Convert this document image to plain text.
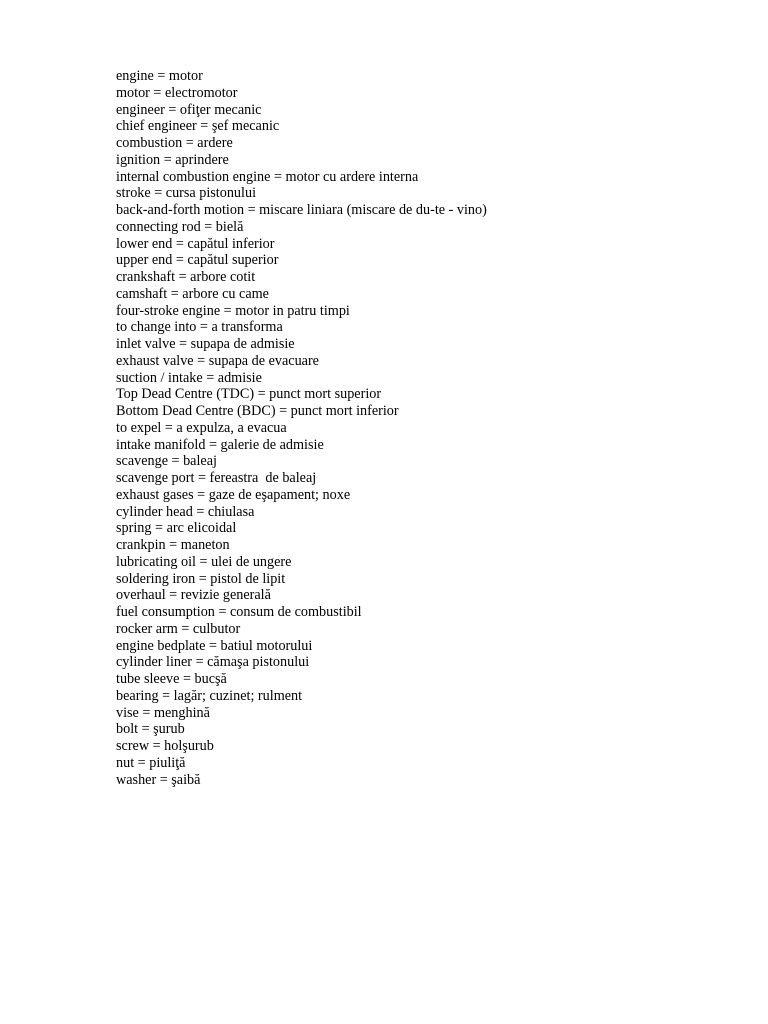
engine = motor
motor = electromotor
engineer = ofiţer mecanic
chief engineer = şef mecanic
combustion = ardere
ignition = aprindere
internal combustion engine = motor cu ardere interna
stroke = cursa pistonului
back-and-forth motion = miscare liniara (miscare de du-te - vino)
connecting rod = bielă
lower end = capătul inferior
upper end = capătul superior
crankshaft = arbore cotit
camshaft = arbore cu came
four-stroke engine = motor in patru timpi
to change into = a transforma
inlet valve = supapa de admisie
exhaust valve = supapa de evacuare
suction / intake = admisie
Top Dead Centre (TDC) = punct mort superior
Bottom Dead Centre (BDC) = punct mort inferior
to expel = a expulza, a evacua
intake manifold = galerie de admisie
scavenge = baleaj
scavenge port = fereastra  de baleaj
exhaust gases = gaze de eşapament; noxe
cylinder head = chiulasa
spring = arc elicoidal
crankpin = maneton
lubricating oil = ulei de ungere
soldering iron = pistol de lipit
overhaul = revizie generală
fuel consumption = consum de combustibil
rocker arm = culbutor
engine bedplate = batiul motorului
cylinder liner = cămaşa pistonului
tube sleeve = bucşă
bearing = lagăr; cuzinet; rulment
vise = menghină
bolt = şurub
screw = holşurub
nut = piuliţă
washer = şaibă
